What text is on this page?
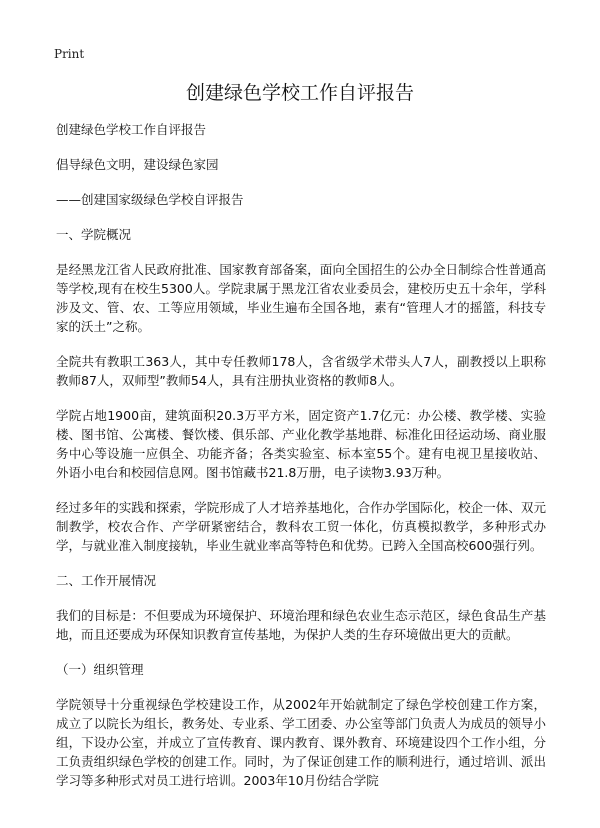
Print
创建绿色学校工作自评报告

创建绿色学校工作自评报告

倡导绿色文明，建设绿色家园

——创建国家级绿色学校自评报告

一、学院概况

是经黑龙江省人民政府批准、国家教育部备案，面向全国招生的公办全日制综合性普通高等学校,现有在校生5300人。学院隶属于黑龙江省农业委员会，建校历史五十余年，学科涉及文、管、农、工等应用领域，毕业生遍布全国各地，素有“管理人才的摇篮，科技专家的沃土”之称。

全院共有教职工363人，其中专任教师178人，含省级学术带头人7人，副教授以上职称教师87人，双师型”教师54人，具有注册执业资格的教师8人。

学院占地1900亩，建筑面积20.3万平方米，固定资产1.7亿元：办公楼、教学楼、实验楼、图书馆、公寓楼、餐饮楼、俱乐部、产业化教学基地群、标准化田径运动场、商业服务中心等设施一应俱全、功能齐备；各类实验室、标本室55个。建有电视卫星接收站、外语小电台和校园信息网。图书馆藏书21.8万册，电子读物3.93万种。

经过多年的实践和探索，学院形成了人才培养基地化，合作办学国际化，校企一体、双元制教学，校农合作、产学研紧密结合，教科农工贸一体化，仿真模拟教学，多种形式办学，与就业准入制度接轨，毕业生就业率高等特色和优势。已跨入全国高校600强行列。

二、工作开展情况

我们的目标是：不但要成为环境保护、环境治理和绿色农业生态示范区，绿色食品生产基地，而且还要成为环保知识教育宣传基地，为保护人类的生存环境做出更大的贡献。

（一）组织管理

学院领导十分重视绿色学校建设工作，从2002年开始就制定了绿色学校创建工作方案，成立了以院长为组长，教务处、专业系、学工团委、办公室等部门负责人为成员的领导小组，下设办公室，并成立了宣传教育、课内教育、课外教育、环境建设四个工作小组，分工负责组织绿色学校的创建工作。同时，为了保证创建工作的顺利进行，通过培训、派出学习等多种形式对员工进行培训。2003年10月份结合学院
